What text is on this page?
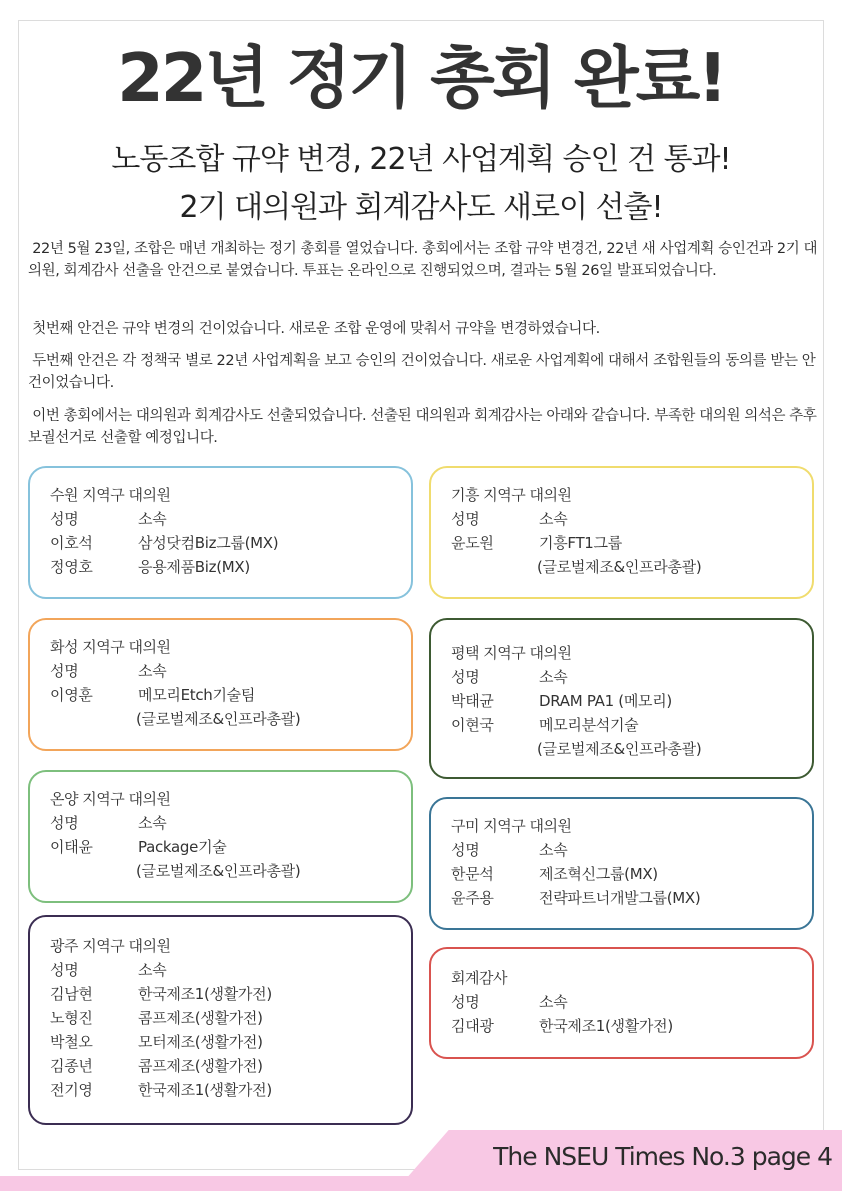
22년 정기 총회 완료!
노동조합 규약 변경, 22년 사업계획 승인 건 통과!
2기 대의원과 회계감사도 새로이 선출!

22년 5월 23일, 조합은 매년 개최하는 정기 총회를 열었습니다. 총회에서는 조합 규약 변경건, 22년 새 사업계획 승인건과 2기 대의원, 회계감사 선출을 안건으로 붙였습니다. 투표는 온라인으로 진행되었으며, 결과는 5월 26일 발표되었습니다.

첫번째 안건은 규약 변경의 건이었습니다. 새로운 조합 운영에 맞춰서 규약을 변경하였습니다.

두번째 안건은 각 정책국 별로 22년 사업계획을 보고 승인의 건이었습니다. 새로운 사업계획에 대해서 조합원들의 동의를 받는 안건이었습니다.

이번 총회에서는 대의원과 회계감사도 선출되었습니다. 선출된 대의원과 회계감사는 아래와 같습니다. 부족한 대의원 의석은 추후 보궐선거로 선출할 예정입니다.

수원 지역구 대의원
성명	소속
이호석	삼성닷컴Biz그룹(MX)
정영호	응용제품Biz(MX)
기흥 지역구 대의원
성명	소속
윤도원	기흥FT1그룹
(글로벌제조&인프라총괄)
화성 지역구 대의원
성명	소속
이영훈	메모리Etch기술팀
(글로벌제조&인프라총괄)
평택 지역구 대의원
성명	소속
박태균	DRAM PA1 (메모리)
이현국	메모리분석기술
(글로벌제조&인프라총괄)
온양 지역구 대의원
성명	소속
이태윤	Package기술
(글로벌제조&인프라총괄)
구미 지역구 대의원
성명	소속
한문석	제조혁신그룹(MX)
윤주용	전략파트너개발그룹(MX)
광주 지역구 대의원
성명	소속
김남현	한국제조1(생활가전)
노형진	콤프제조(생활가전)
박철오	모터제조(생활가전)
김종년	콤프제조(생활가전)
전기영	한국제조1(생활가전)
회계감사
성명	소속
김대광	한국제조1(생활가전)
The NSEU Times No.3 page 4
